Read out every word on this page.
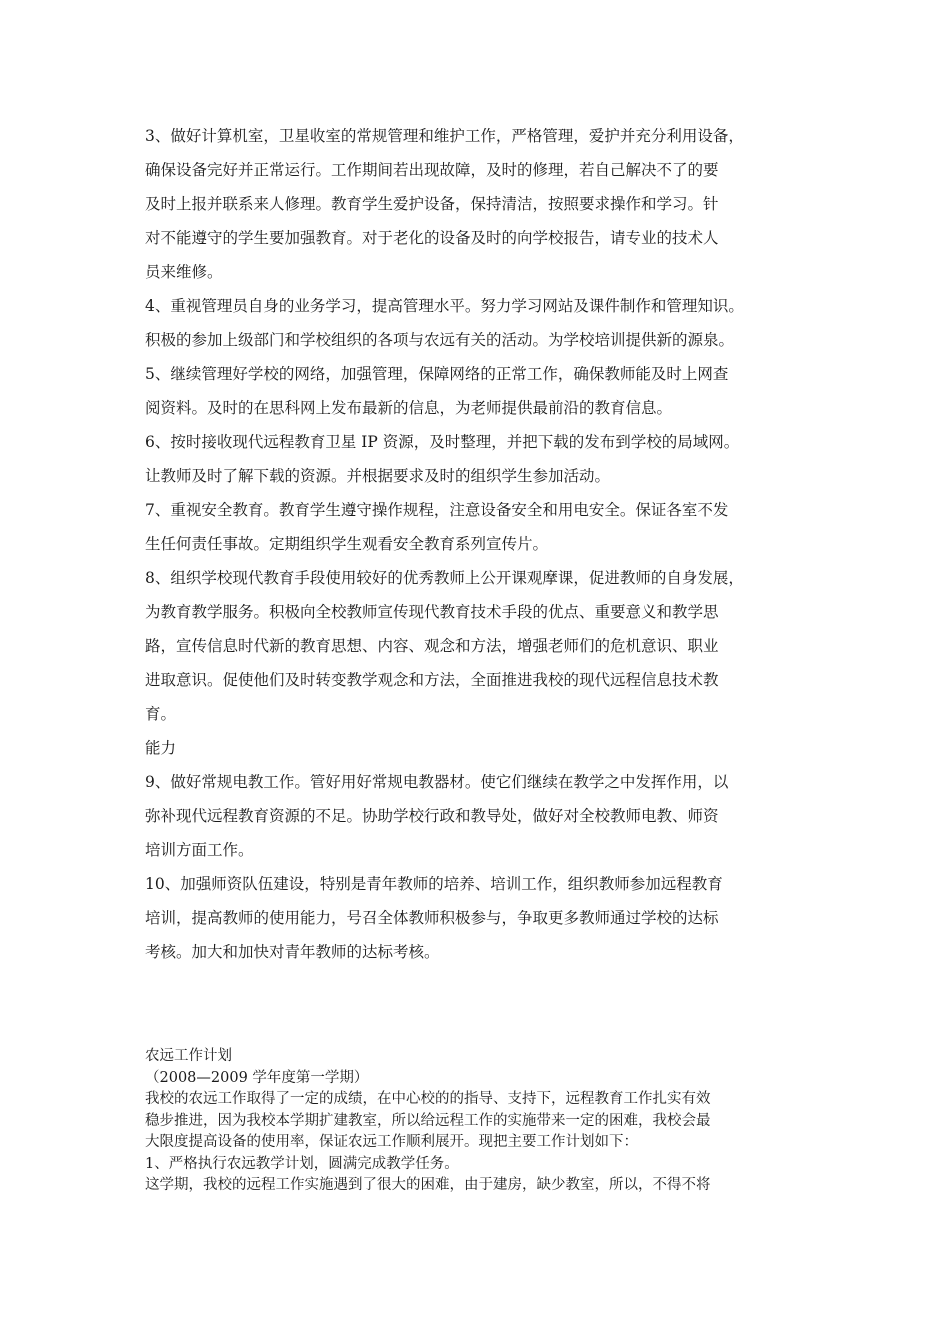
3、做好计算机室，卫星收室的常规管理和维护工作，严格管理，爱护并充分利用设备，
确保设备完好并正常运行。工作期间若出现故障，及时的修理，若自己解决不了的要
及时上报并联系来人修理。教育学生爱护设备，保持清洁，按照要求操作和学习。针
对不能遵守的学生要加强教育。对于老化的设备及时的向学校报告，请专业的技术人
员来维修。
4、重视管理员自身的业务学习，提高管理水平。努力学习网站及课件制作和管理知识。
积极的参加上级部门和学校组织的各项与农远有关的活动。为学校培训提供新的源泉。
5、继续管理好学校的网络，加强管理，保障网络的正常工作，确保教师能及时上网查
阅资料。及时的在思科网上发布最新的信息，为老师提供最前沿的教育信息。
6、按时接收现代远程教育卫星 IP 资源，及时整理，并把下载的发布到学校的局域网。
让教师及时了解下载的资源。并根据要求及时的组织学生参加活动。
7、重视安全教育。教育学生遵守操作规程，注意设备安全和用电安全。保证各室不发
生任何责任事故。定期组织学生观看安全教育系列宣传片。
8、组织学校现代教育手段使用较好的优秀教师上公开课观摩课，促进教师的自身发展，
为教育教学服务。积极向全校教师宣传现代教育技术手段的优点、重要意义和教学思
路，宣传信息时代新的教育思想、内容、观念和方法，增强老师们的危机意识、职业
进取意识。促使他们及时转变教学观念和方法，全面推进我校的现代远程信息技术教
育。
能力
9、做好常规电教工作。管好用好常规电教器材。使它们继续在教学之中发挥作用，以
弥补现代远程教育资源的不足。协助学校行政和教导处，做好对全校教师电教、师资
培训方面工作。
10、加强师资队伍建设，特别是青年教师的培养、培训工作，组织教师参加远程教育
培训，提高教师的使用能力，号召全体教师积极参与，争取更多教师通过学校的达标
考核。加大和加快对青年教师的达标考核。
农远工作计划
（2008—2009 学年度第一学期）
我校的农远工作取得了一定的成绩，在中心校的的指导、支持下，远程教育工作扎实有效
稳步推进，因为我校本学期扩建教室，所以给远程工作的实施带来一定的困难，我校会最
大限度提高设备的使用率，保证农远工作顺利展开。现把主要工作计划如下：
1、严格执行农远教学计划，圆满完成教学任务。
这学期，我校的远程工作实施遇到了很大的困难，由于建房，缺少教室，所以，不得不将
